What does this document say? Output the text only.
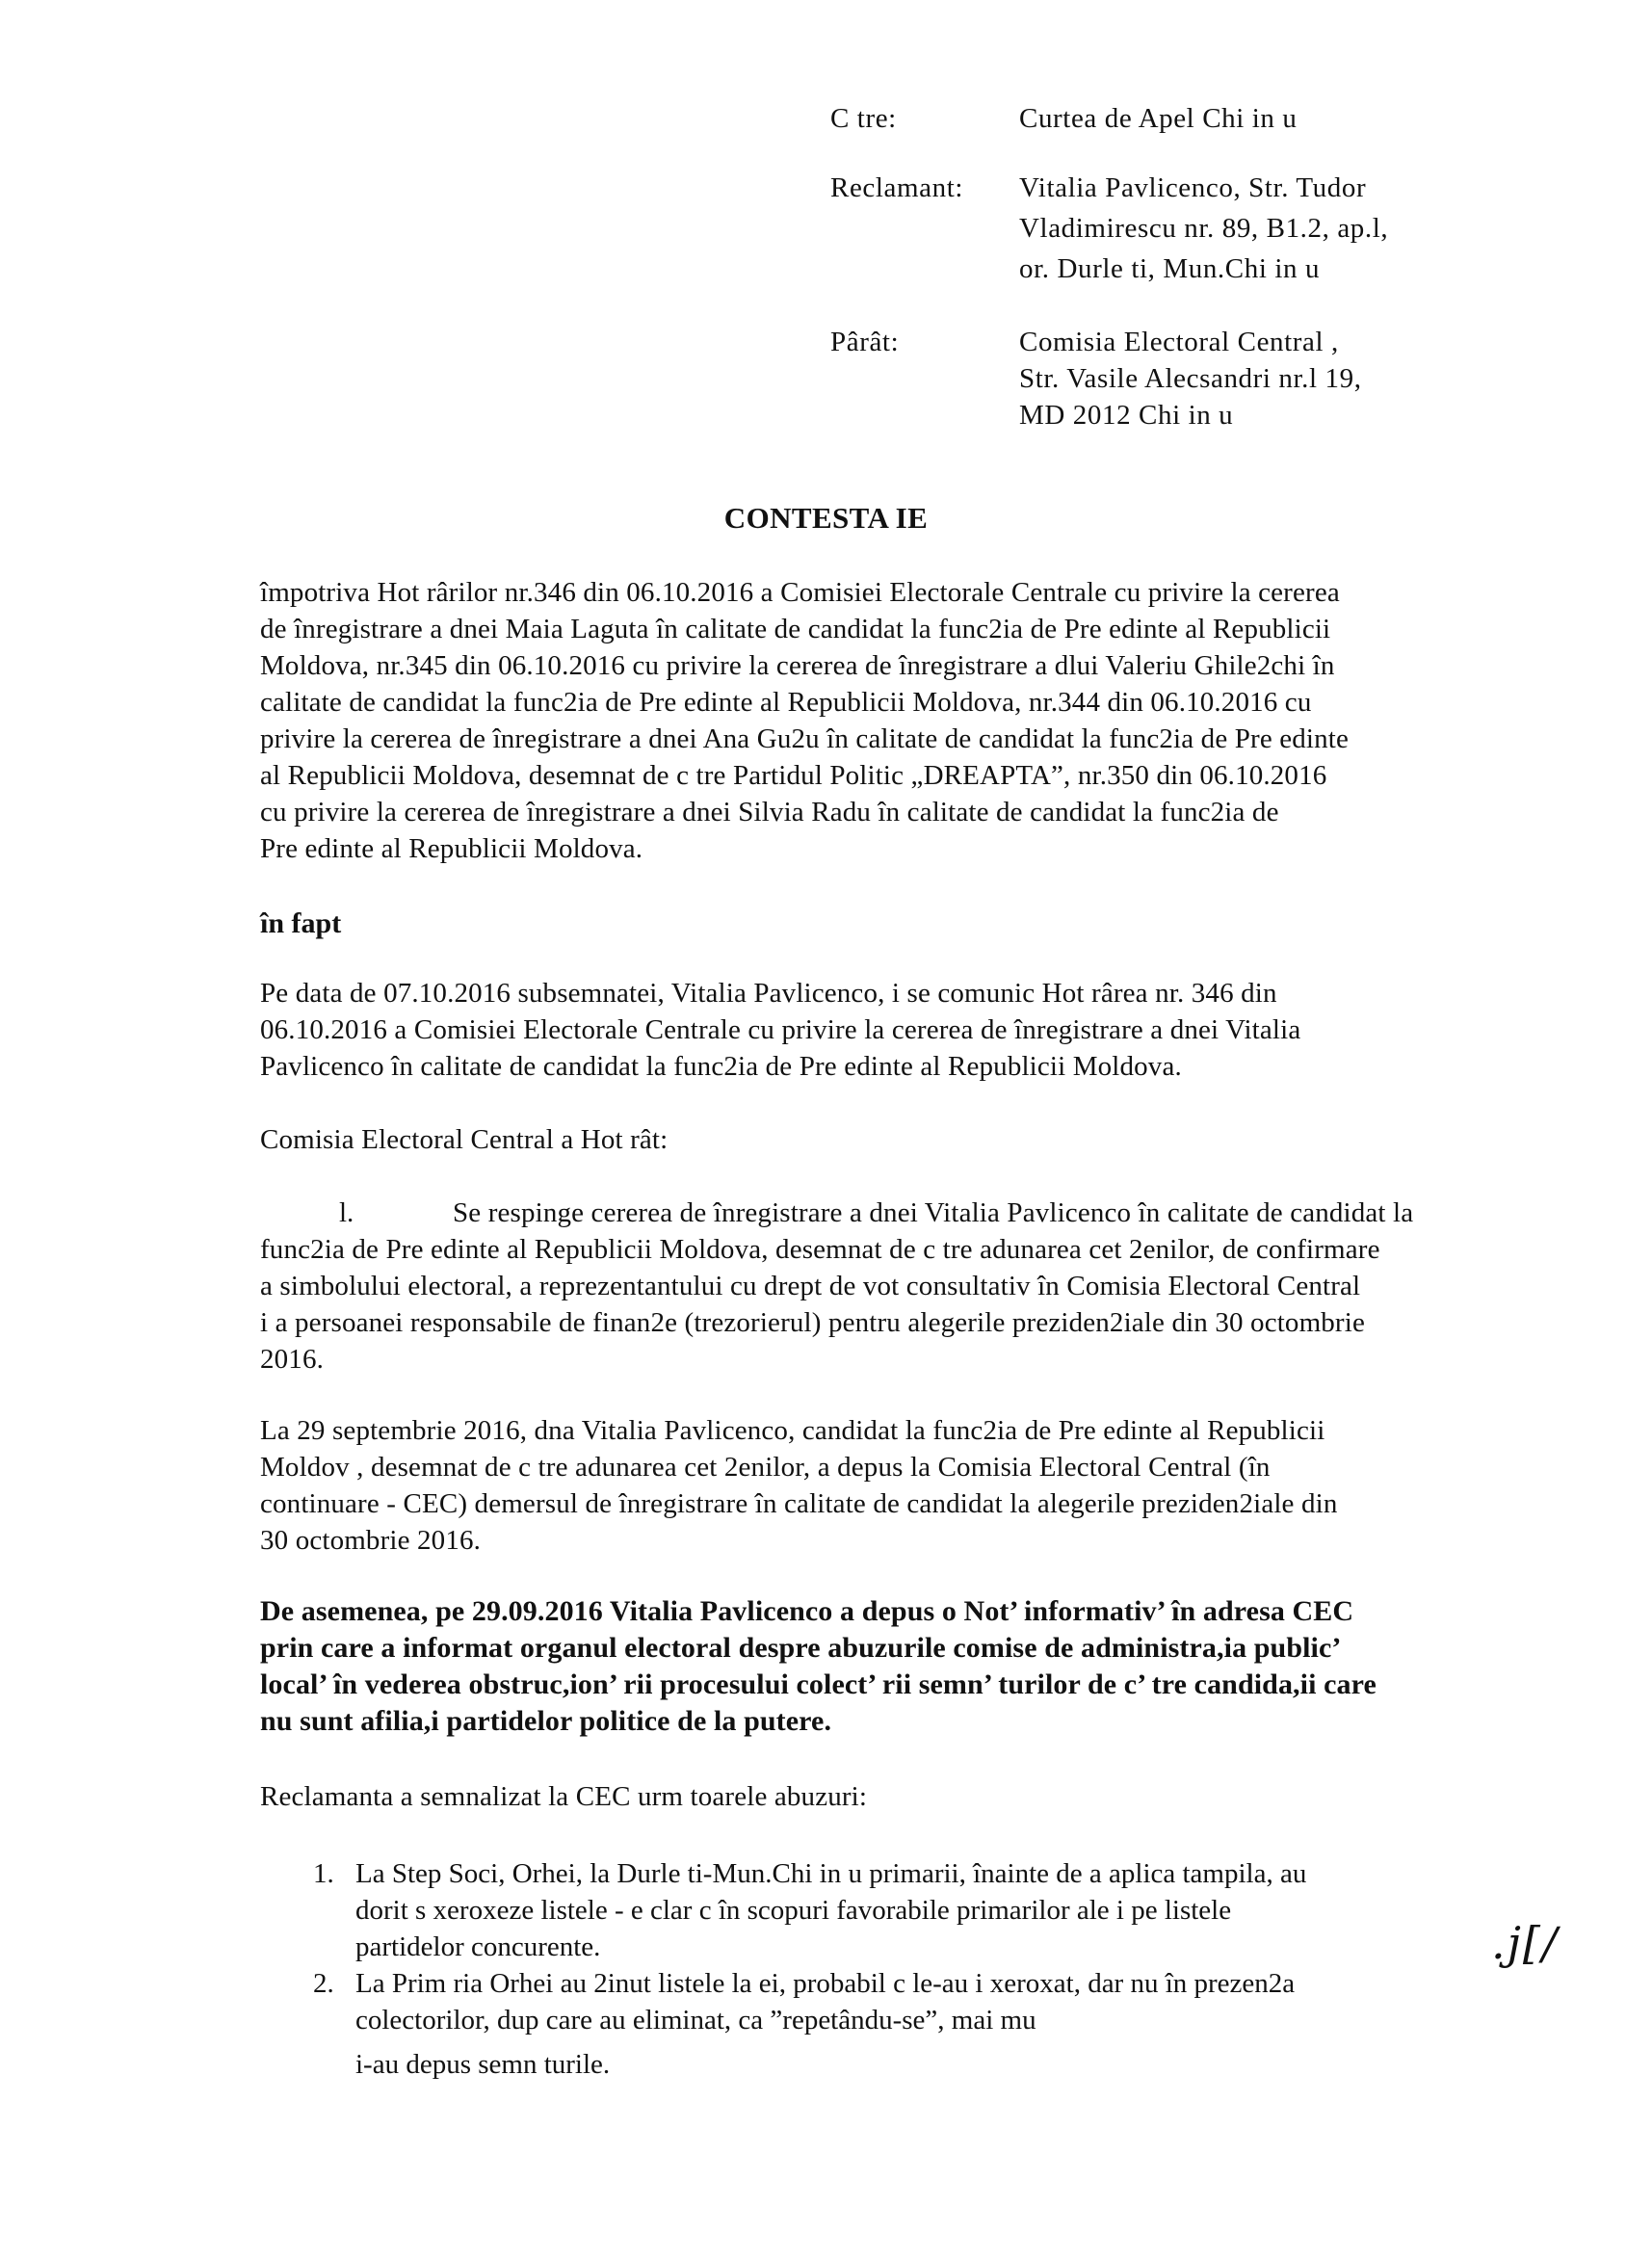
C tre:	Curtea de Apel Chi in u
Reclamant: Vitalia Pavlicenco, Str. Tudor
Vladimirescu nr. 89, B1.2, ap.l,
or. Durle ti, Mun.Chi in u
Pârât:	Comisia Electoral Central ,
Str. Vasile Alecsandri nr.l 19,
MD 2012 Chi in u
CONTESTA IE
împotriva Hot rârilor nr.346 din 06.10.2016 a Comisiei Electorale Centrale cu privire la cererea
de înregistrare a dnei Maia Laguta în calitate de candidat la func2ia de Pre edinte al Republicii
Moldova, nr.345 din 06.10.2016 cu privire la cererea de înregistrare a dlui Valeriu Ghile2chi în
calitate de candidat la func2ia de Pre edinte al Republicii Moldova, nr.344 din 06.10.2016 cu
privire la cererea de înregistrare a dnei Ana Gu2u în calitate de candidat la func2ia de Pre edinte
al Republicii Moldova, desemnat de c tre Partidul Politic „DREAPTA”, nr.350 din 06.10.2016
cu privire la cererea de înregistrare a dnei Silvia Radu în calitate de candidat la func2ia de
Pre edinte al Republicii Moldova.
în fapt
Pe data de 07.10.2016 subsemnatei, Vitalia Pavlicenco, i se comunic Hot rârea nr. 346 din
06.10.2016 a Comisiei Electorale Centrale cu privire la cererea de înregistrare a dnei Vitalia
Pavlicenco în calitate de candidat la func2ia de Pre edinte al Republicii Moldova.
Comisia Electoral Central a Hot rât:
l.	Se respinge cererea de înregistrare a dnei Vitalia Pavlicenco în calitate de candidat la
func2ia de Pre edinte al Republicii Moldova, desemnat de c tre adunarea cet 2enilor, de confirmare
a simbolului electoral, a reprezentantului cu drept de vot consultativ în Comisia Electoral Central
i a persoanei responsabile de finan2e (trezorierul) pentru alegerile preziden2iale din 30 octombrie
2016.
La 29 septembrie 2016, dna Vitalia Pavlicenco, candidat la func2ia de Pre edinte al Republicii
Moldov , desemnat de c tre adunarea cet 2enilor, a depus la Comisia Electoral Central (în
continuare - CEC) demersul de înregistrare în calitate de candidat la alegerile preziden2iale din
30 octombrie 2016.
De asemenea, pe 29.09.2016 Vitalia Pavlicenco a depus o Not’ informativ’ în adresa CEC
prin care a informat organul electoral despre abuzurile comise de administra,ia public’
local’ în vederea obstruc,ion’ rii procesului colect’ rii semn’ turilor de c’ tre candida,ii care
nu sunt afilia,i partidelor politice de la putere.
Reclamanta a semnalizat la CEC urm toarele abuzuri:
1. La Step Soci, Orhei, la Durle ti-Mun.Chi in u primarii, înainte de a aplica tampila, au
dorit s xeroxeze listele - e clar c în scopuri favorabile primarilor ale i pe listele
partidelor concurente.
2. La Prim ria Orhei au 2inut listele la ei, probabil c le-au i xeroxat, dar nu în prezen2a
colectorilor, dup care au eliminat, ca ”repetându-se”, mai mu
i-au depus semn turile.
.j[/
